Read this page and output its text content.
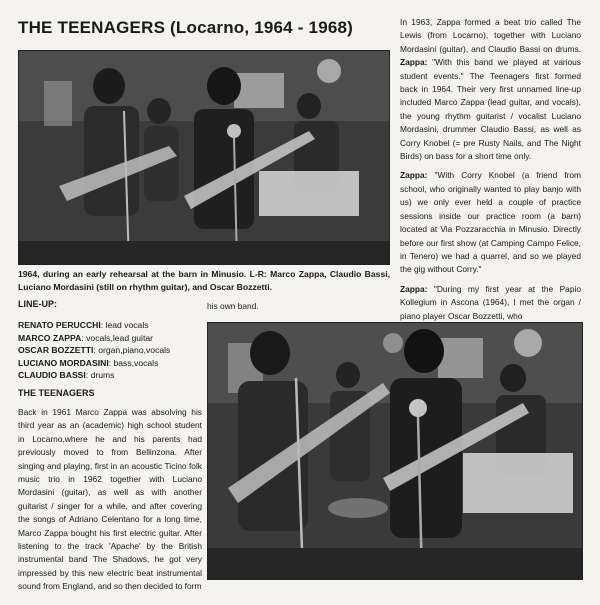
THE TEENAGERS (Locarno, 1964 - 1968)
1964, during an early rehearsal at the barn in Minusio. L-R: Marco Zappa, Claudio Bassi, Luciano Mordasini (still on rhythm guitar), and Oscar Bozzetti.
LINE-UP:
RENATO PERUCCHI: lead vocals
MARCO ZAPPA: vocals,lead guitar
OSCAR BOZZETTI: organ,piano,vocals
LUCIANO MORDASINI: bass,vocals
CLAUDIO BASSI: drums
THE TEENAGERS
Back in 1961 Marco Zappa was absolving his third year as an (academic) high school student in Locarno,where he and his parents had previously moved to from Bellinzona. After singing and playing, first in an acoustic Ticino folk music trio in 1962 together with Luciano Mordasini (guitar), as well as with another guitarist / singer for a while, and after covering the songs of Adriano Celentano for a long time, Marco Zappa bought his first electric guitar. After listening to the track 'Apache' by the British instrumental band The Shadows, he got very impressed by this new electric beat instrumental sound from England, and so then decided to form
his own band.

In 1963, Zappa formed a beat trio called The Lewis (from Locarno), together with Luciano Mordasini (guitar), and Claudio Bassi on drums. Zappa: "With this band we played at various student events." The Teenagers first formed back in 1964. Their very first unnamed line-up included Marco Zappa (lead guitar, and vocals), the young rhythm guitarist / vocalist Luciano Mordasini, drummer Claudio Bassi, as well as Corry Knobel (= pre Rusty Nails, and The Night Birds) on bass for a short time only.

Zappa: "With Corry Knobel (a friend from school, who originally wanted to play banjo with us) we only ever held a couple of practice sessions inside our practice room (a barn) located at Via Pozzaracchia in Minusio. Directly before our first show (at Camping Campo Felice, in Tenero) we had a quarrel, and so we played the gig without Corry."

Zappa: "During my first year at the Papio Kollegium in Ascona (1964), I met the organ / piano player Oscar Bozzetti, who
